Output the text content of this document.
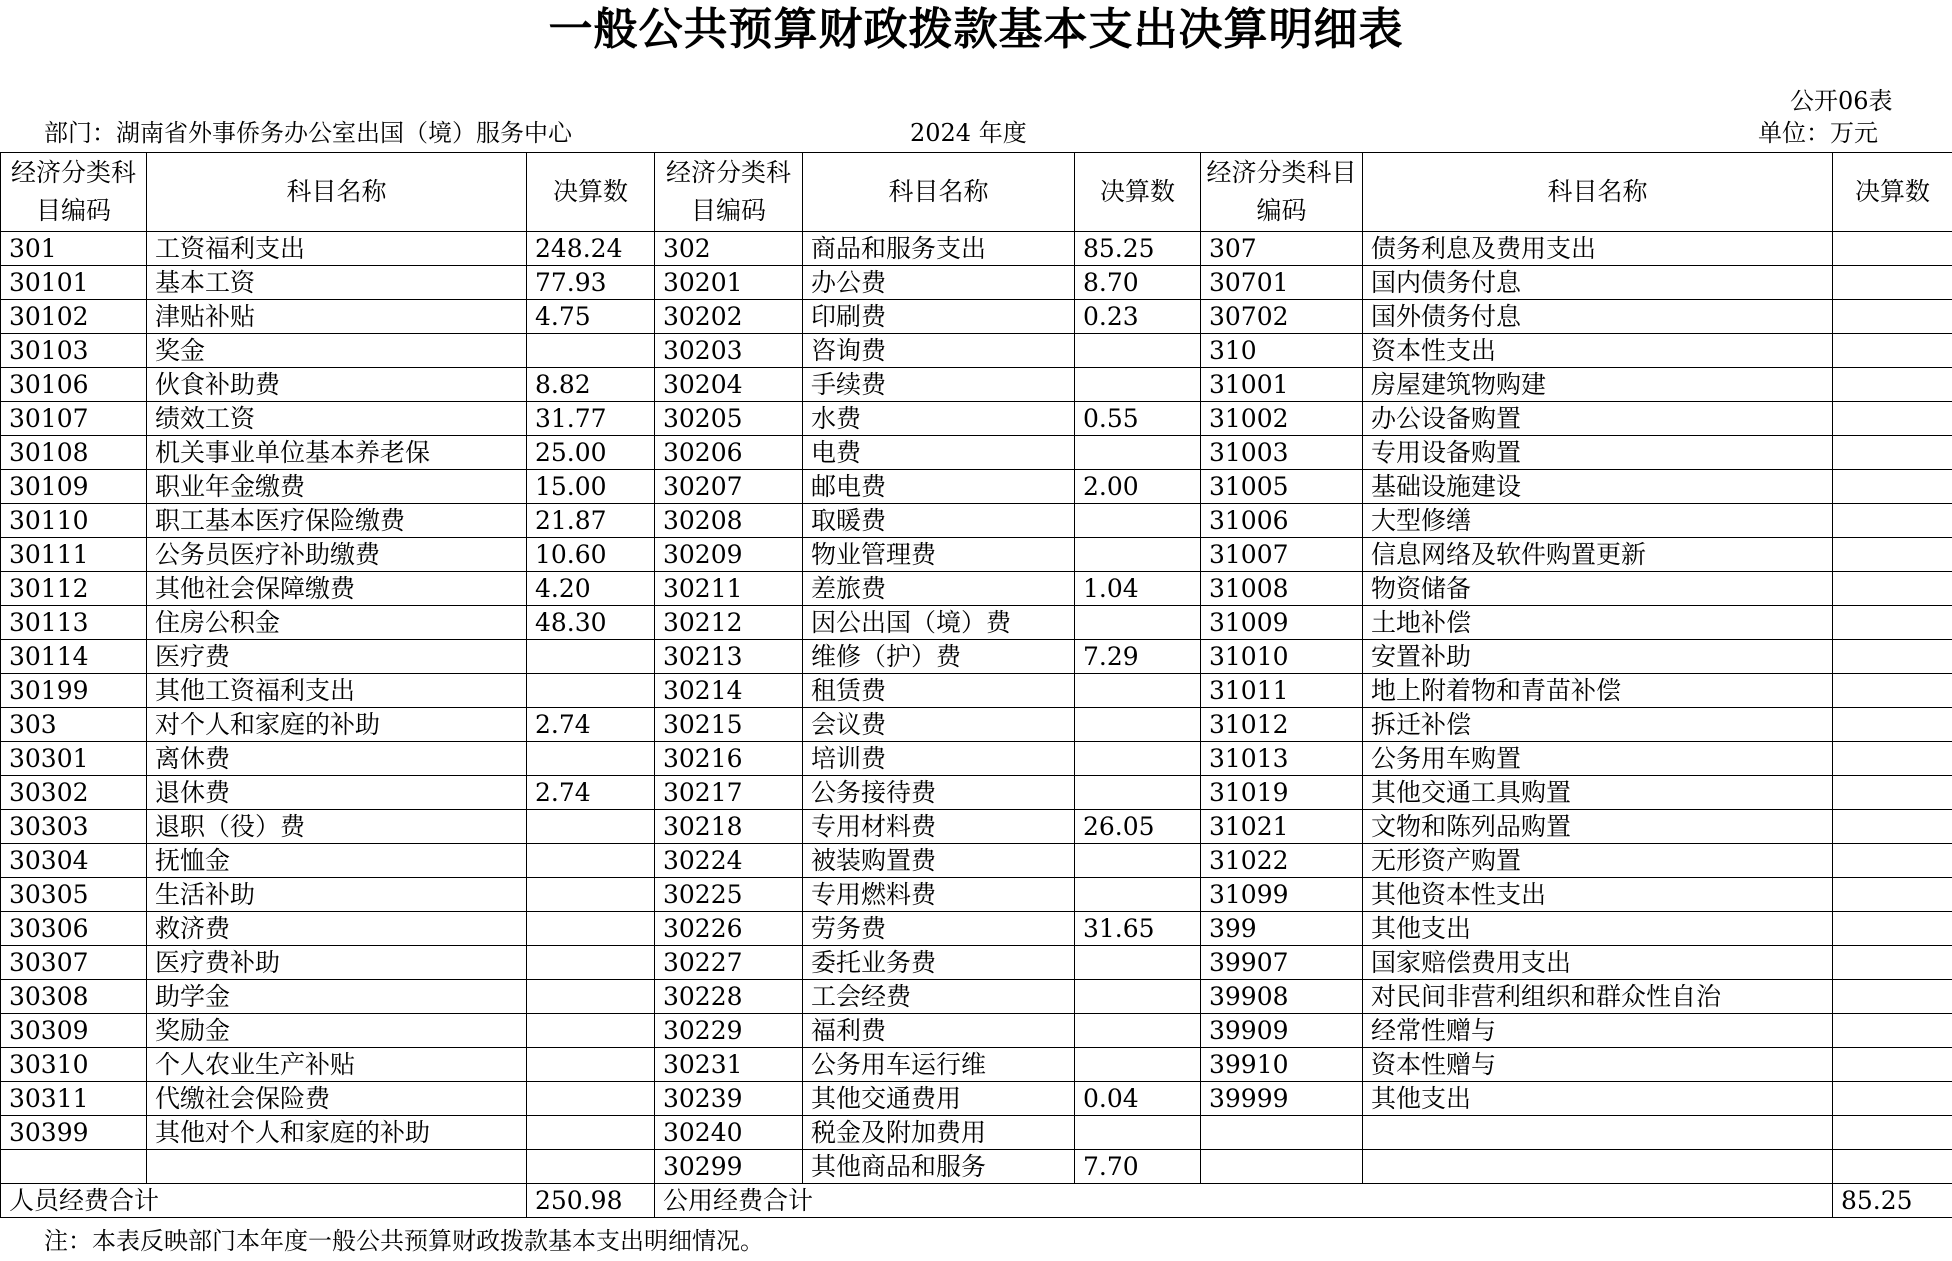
一般公共预算财政拨款基本支出决算明细表
公开06表
部门：湖南省外事侨务办公室出国（境）服务中心	2024 年度	单位：万元
经济分类科目编码	科目名称	决算数	经济分类科目编码	科目名称	决算数	经济分类科目编码	科目名称	决算数
301	工资福利支出	248.24	302	商品和服务支出	85.25	307	债务利息及费用支出	
30101	基本工资	77.93	30201	办公费	8.70	30701	国内债务付息	
30102	津贴补贴	4.75	30202	印刷费	0.23	30702	国外债务付息	
30103	奖金		30203	咨询费		310	资本性支出	
30106	伙食补助费	8.82	30204	手续费		31001	房屋建筑物购建	
30107	绩效工资	31.77	30205	水费	0.55	31002	办公设备购置	
30108	机关事业单位基本养老保	25.00	30206	电费		31003	专用设备购置	
30109	职业年金缴费	15.00	30207	邮电费	2.00	31005	基础设施建设	
30110	职工基本医疗保险缴费	21.87	30208	取暖费		31006	大型修缮	
30111	公务员医疗补助缴费	10.60	30209	物业管理费		31007	信息网络及软件购置更新	
30112	其他社会保障缴费	4.20	30211	差旅费	1.04	31008	物资储备	
30113	住房公积金	48.30	30212	因公出国（境）费		31009	土地补偿	
30114	医疗费		30213	维修（护）费	7.29	31010	安置补助	
30199	其他工资福利支出		30214	租赁费		31011	地上附着物和青苗补偿	
303	对个人和家庭的补助	2.74	30215	会议费		31012	拆迁补偿	
30301	离休费		30216	培训费		31013	公务用车购置	
30302	退休费	2.74	30217	公务接待费		31019	其他交通工具购置	
30303	退职（役）费		30218	专用材料费	26.05	31021	文物和陈列品购置	
30304	抚恤金		30224	被装购置费		31022	无形资产购置	
30305	生活补助		30225	专用燃料费		31099	其他资本性支出	
30306	救济费		30226	劳务费	31.65	399	其他支出	
30307	医疗费补助		30227	委托业务费		39907	国家赔偿费用支出	
30308	助学金		30228	工会经费		39908	对民间非营利组织和群众性自治	
30309	奖励金		30229	福利费		39909	经常性赠与	
30310	个人农业生产补贴		30231	公务用车运行维		39910	资本性赠与	
30311	代缴社会保险费		30239	其他交通费用	0.04	39999	其他支出	
30399	其他对个人和家庭的补助		30240	税金及附加费用				
			30299	其他商品和服务	7.70			
人员经费合计		250.98	公用经费合计					85.25
注：本表反映部门本年度一般公共预算财政拨款基本支出明细情况。
